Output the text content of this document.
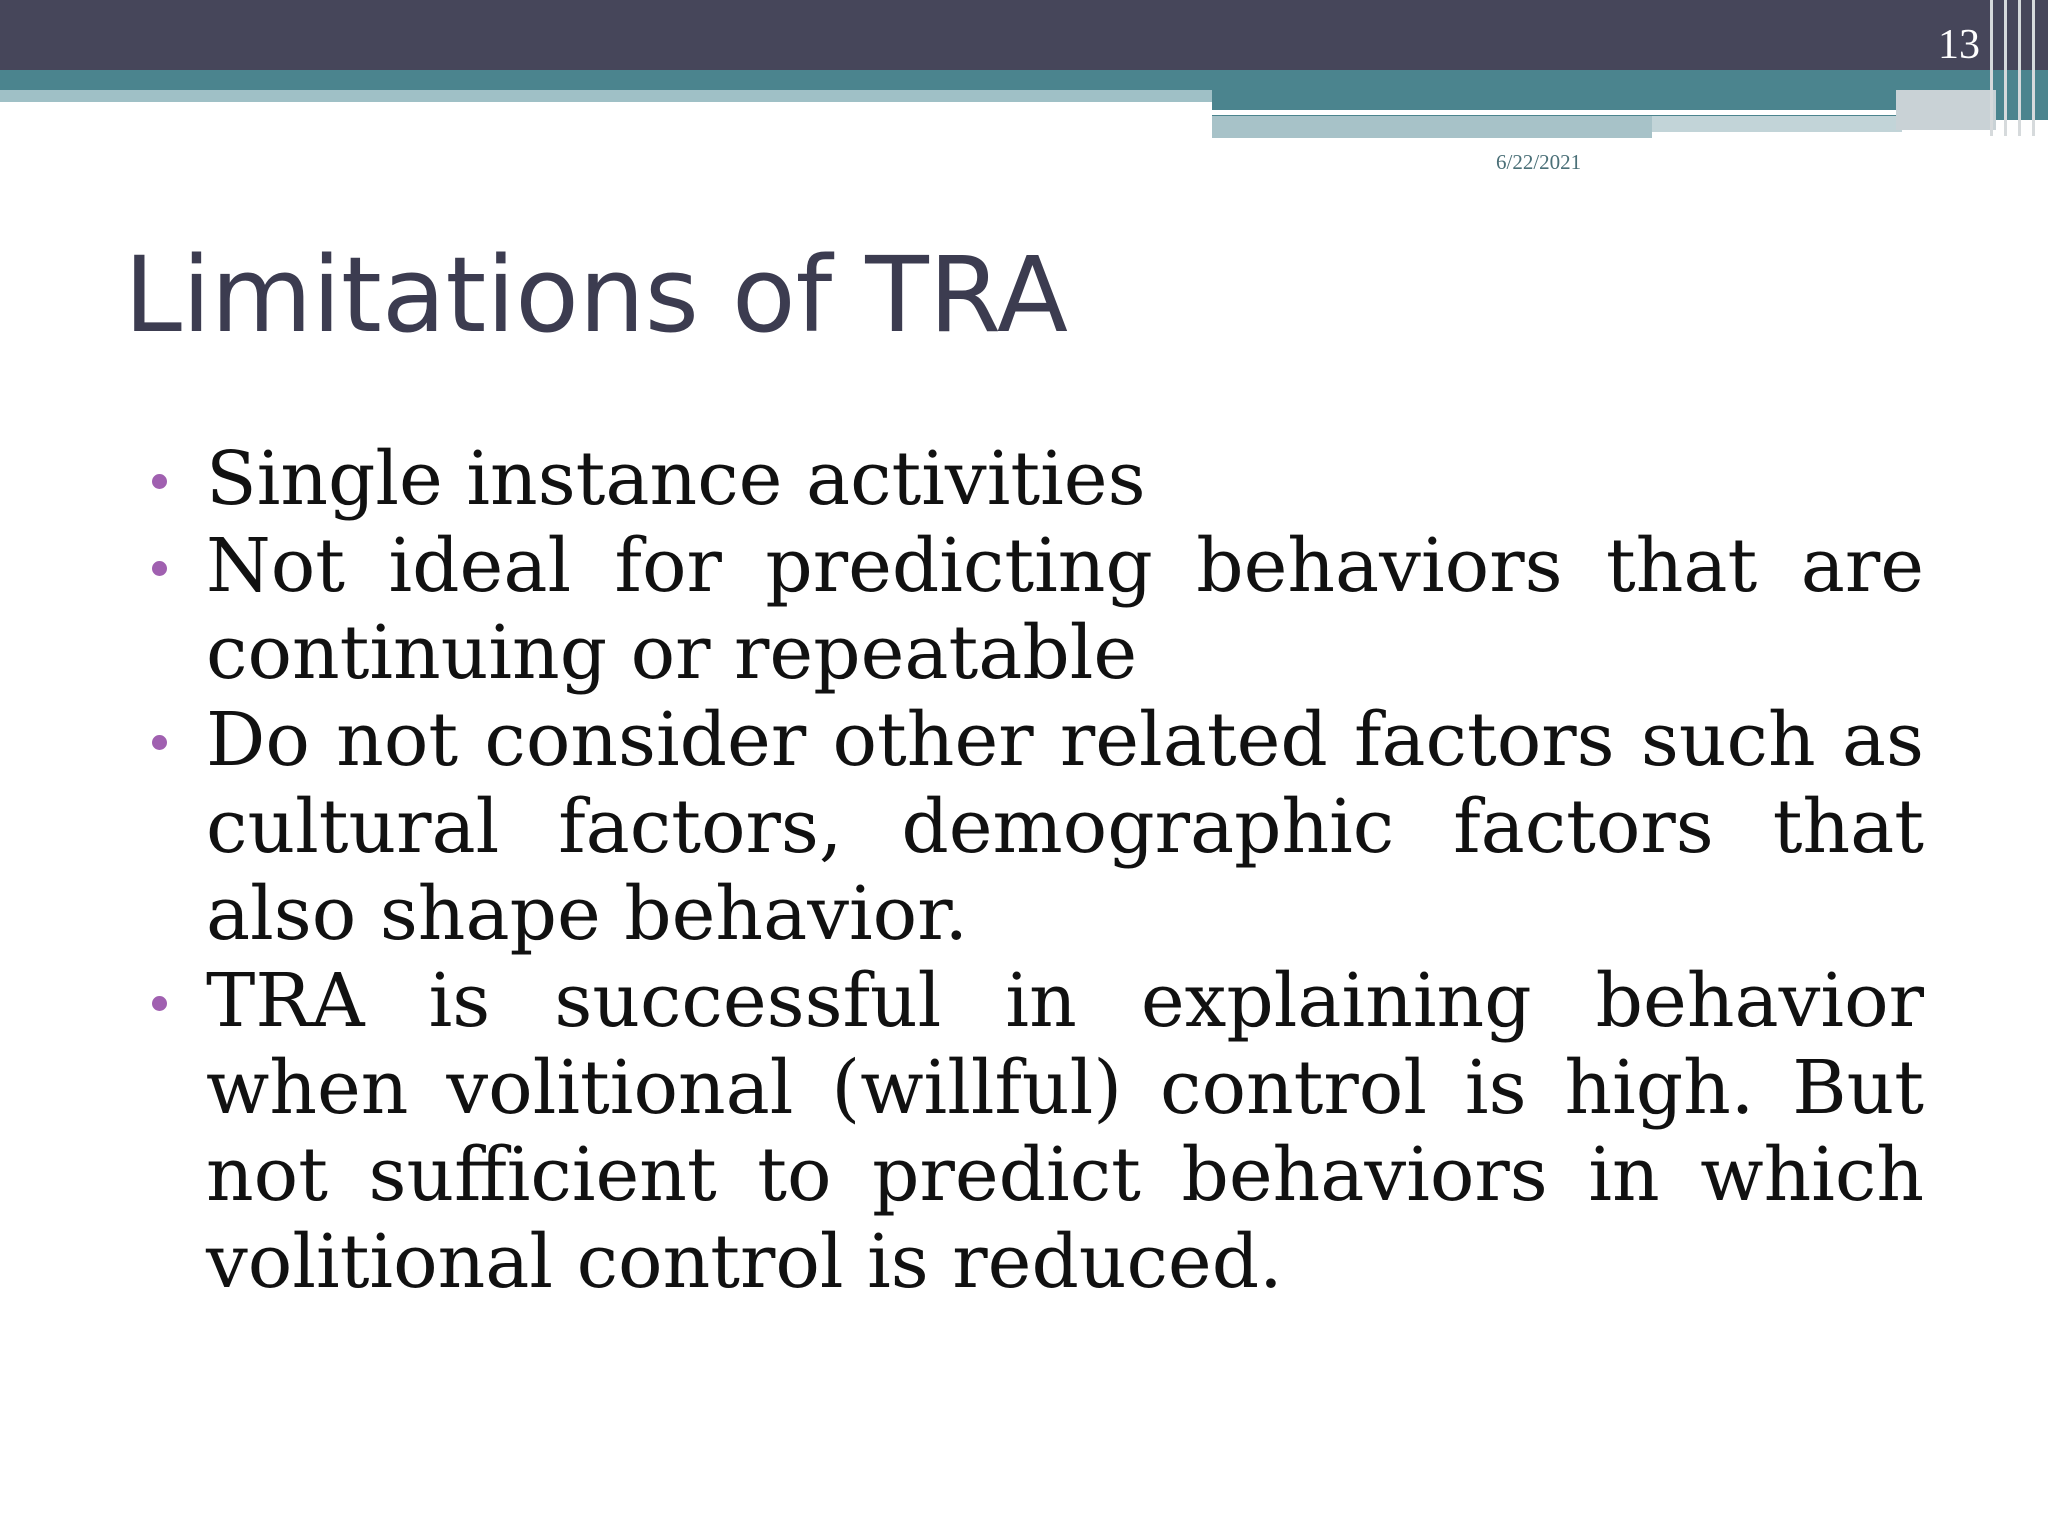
13
6/22/2021
Limitations of TRA
Single instance activities
Not ideal for predicting behaviors that are continuing or repeatable
Do not consider other related factors such as cultural factors, demographic factors that also shape behavior.
TRA is successful in explaining behavior when volitional (willful) control is high. But not sufficient to predict behaviors in which volitional control is reduced.
